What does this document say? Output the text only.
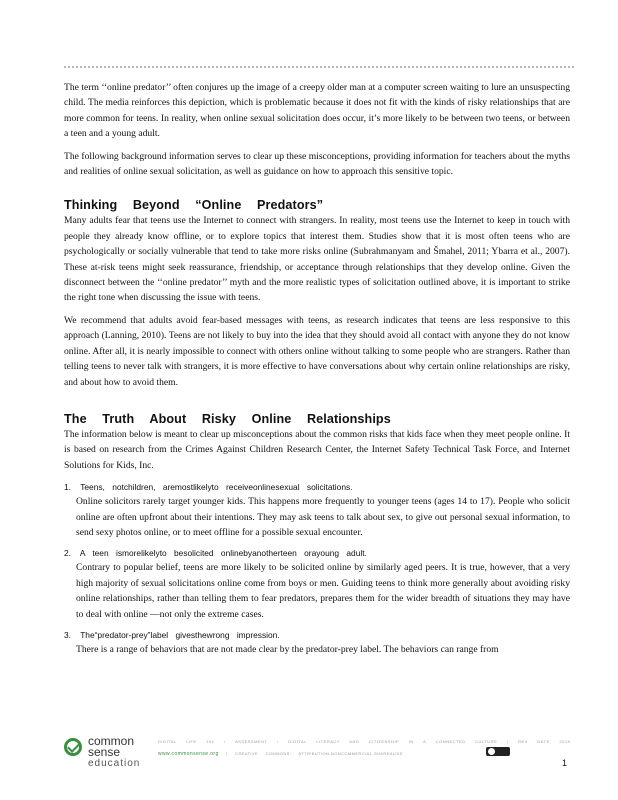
The term ‘‘online predator’’ often conjures up the image of a creepy older man at a computer screen waiting to lure an unsuspecting child. The media reinforces this depiction, which is problematic because it does not fit with the kinds of risky relationships that are more common for teens. In reality, when online sexual solicitation does occur, it’s more likely to be between two teens, or between a teen and a young adult.

The following background information serves to clear up these misconceptions, providing information for teachers about the myths and realities of online sexual solicitation, as well as guidance on how to approach this sensitive topic.

Thinking Beyond “Online Predators”

Many adults fear that teens use the Internet to connect with strangers. In reality, most teens use the Internet to keep in touch with people they already know offline, or to explore topics that interest them. Studies show that it is most often teens who are psychologically or socially vulnerable that tend to take more risks online (Subrahmanyam and Šmahel, 2011; Ybarra et al., 2007). These at-risk teens might seek reassurance, friendship, or acceptance through relationships that they develop online. Given the disconnect between the ‘‘online predator’’ myth and the more realistic types of solicitation outlined above, it is important to strike the right tone when discussing the issue with teens.

We recommend that adults avoid fear-based messages with teens, as research indicates that teens are less responsive to this approach (Lanning, 2010). Teens are not likely to buy into the idea that they should avoid all contact with anyone they do not know online. After all, it is nearly impossible to connect with others online without talking to some people who are strangers. Rather than telling teens to never talk with strangers, it is more effective to have conversations about why certain online relationships are risky, and about how to avoid them.

The Truth About Risky Online Relationships

The information below is meant to clear up misconceptions about the common risks that kids face when they meet people online. It is based on research from the Crimes Against Children Research Center, the Internet Safety Technical Task Force, and Internet Solutions for Kids, Inc.

1. Teens, notchildren, aremostlikelyto receiveonlinesexual solicitations.
Online solicitors rarely target younger kids. This happens more frequently to younger teens (ages 14 to 17). People who solicit online are often upfront about their intentions. They may ask teens to talk about sex, to give out personal sexual information, to send sexy photos online, or to meet offline for a possible sexual encounter.
2. A teen ismorelikelyto besolicited onlinebyanotherteen orayoung adult.
Contrary to popular belief, teens are more likely to be solicited online by similarly aged peers. It is true, however, that a very high majority of sexual solicitations online come from boys or men. Guiding teens to think more generally about avoiding risky online relationships, rather than telling them to fear predators, prepares them for the wider breadth of situations they may have to deal with online —not only the extreme cases.
3. The“predator-prey”label givesthewrong impression.
There is a range of behaviors that are not made clear by the predator-prey label. The behaviors can range from
common
sense
education
DIGITAL LIFE 101 / ASSESSMENT / DIGITAL LITERACY AND CITIZENSHIP IN A CONNECTED CULTURE / REV DATE 2015
www.commonsense.org | CREATIVE COMMONS: ATTRIBUTION-NONCOMMERCIAL-SHAREALIKE
1
